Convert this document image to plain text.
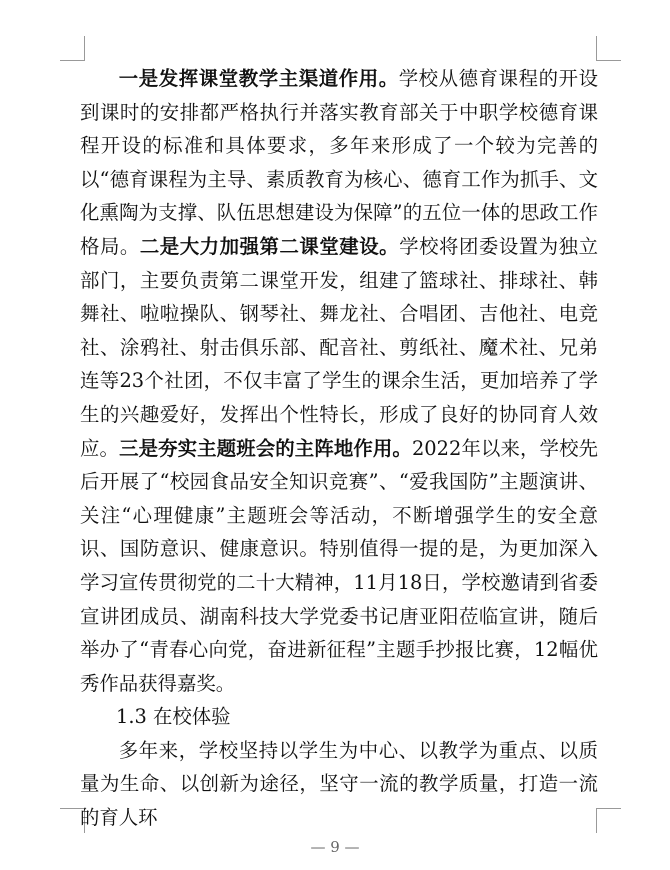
一是发挥课堂教学主渠道作用。学校从德育课程的开设到课时的安排都严格执行并落实教育部关于中职学校德育课程开设的标准和具体要求，多年来形成了一个较为完善的以“德育课程为主导、素质教育为核心、德育工作为抓手、文化熏陶为支撑、队伍思想建设为保障”的五位一体的思政工作格局。二是大力加强第二课堂建设。学校将团委设置为独立部门，主要负责第二课堂开发，组建了篮球社、排球社、韩舞社、啦啦操队、钢琴社、舞龙社、合唱团、吉他社、电竞社、涂鸦社、射击俱乐部、配音社、剪纸社、魔术社、兄弟连等23个社团，不仅丰富了学生的课余生活，更加培养了学生的兴趣爱好，发挥出个性特长，形成了良好的协同育人效应。三是夯实主题班会的主阵地作用。2022年以来，学校先后开展了“校园食品安全知识竞赛”、“爱我国防”主题演讲、关注“心理健康”主题班会等活动，不断增强学生的安全意识、国防意识、健康意识。特别值得一提的是，为更加深入学习宣传贯彻党的二十大精神，11月18日，学校邀请到省委宣讲团成员、湖南科技大学党委书记唐亚阳莅临宣讲，随后举办了“青春心向党，奋进新征程”主题手抄报比赛，12幅优秀作品获得嘉奖。

1.3 在校体验

多年来，学校坚持以学生为中心、以教学为重点、以质量为生命、以创新为途径，坚守一流的教学质量，打造一流的育人环

— 9 —
